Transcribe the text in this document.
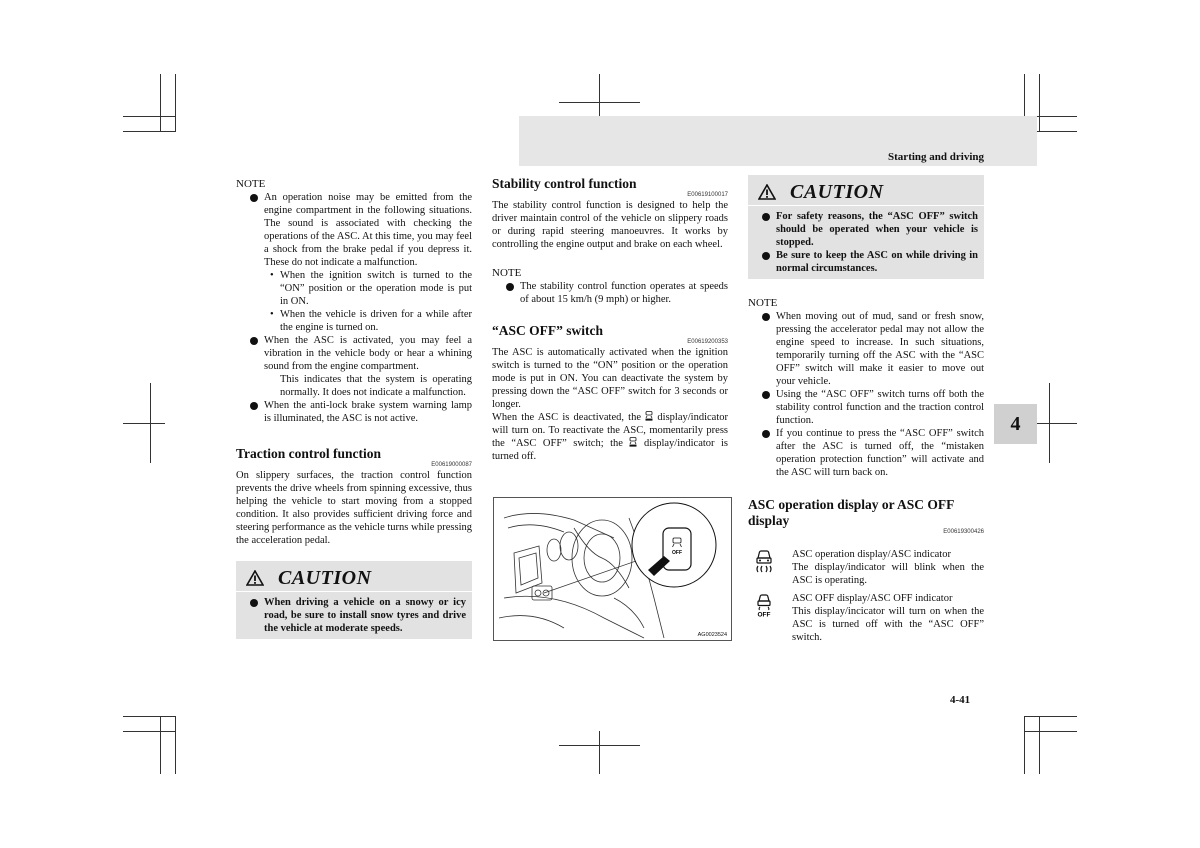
Starting and driving
4
4-41

NOTE

An operation noise may be emitted from the engine compartment in the following situations. The sound is associated with checking the operations of the ASC. At this time, you may feel a shock from the brake pedal if you depress it. These do not indicate a malfunction.

• When the ignition switch is turned to the “ON” position or the operation mode is put in ON.
• When the vehicle is driven for a while after the engine is turned on.

When the ASC is activated, you may feel a vibration in the vehicle body or hear a whining sound from the engine compartment.

This indicates that the system is operating normally. It does not indicate a malfunction.

When the anti-lock brake system warning lamp is illuminated, the ASC is not active.

Traction control function
E00619000087

On slippery surfaces, the traction control function prevents the drive wheels from spinning excessive, thus helping the vehicle to start moving from a stopped condition. It also provides sufficient driving force and steering performance as the vehicle turns while pressing the acceleration pedal.

CAUTION
When driving a vehicle on a snowy or icy road, be sure to install snow tyres and drive the vehicle at moderate speeds.
Stability control function
E00619100017

The stability control function is designed to help the driver maintain control of the vehicle on slippery roads or during rapid steering manoeuvres. It works by controlling the engine output and brake on each wheel.

NOTE

The stability control function operates at speeds of about 15 km/h (9 mph) or higher.
“ASC OFF” switch
E00619200353

The ASC is automatically activated when the ignition switch is turned to the “ON” position or the operation mode is put in ON. You can deactivate the system by pressing down the “ASC OFF” switch for 3 seconds or longer.

When the ASC is deactivated, the display/indicator will turn on. To reactivate the ASC, momentarily press the “ASC OFF” switch; the display/indicator is turned off.

OFF
AG0023524
CAUTION
For safety reasons, the “ASC OFF” switch should be operated when your vehicle is stopped.
Be sure to keep the ASC on while driving in normal circumstances.

NOTE

When moving out of mud, sand or fresh snow, pressing the accelerator pedal may not allow the engine speed to increase. In such situations, temporarily turning off the ASC with the “ASC OFF” switch will make it easier to move out your vehicle.
Using the “ASC OFF” switch turns off both the stability control function and the traction control function.
If you continue to press the “ASC OFF” switch after the ASC is turned off, the “mistaken operation protection function” will activate and the ASC will turn back on.
ASC operation display or ASC OFF display
E00619300426

ASC operation display/ASC indicator

The display/indicator will blink when the ASC is operating.

OFF

ASC OFF display/ASC OFF indicator

This display/incicator will turn on when the ASC is turned off with the “ASC OFF” switch.
